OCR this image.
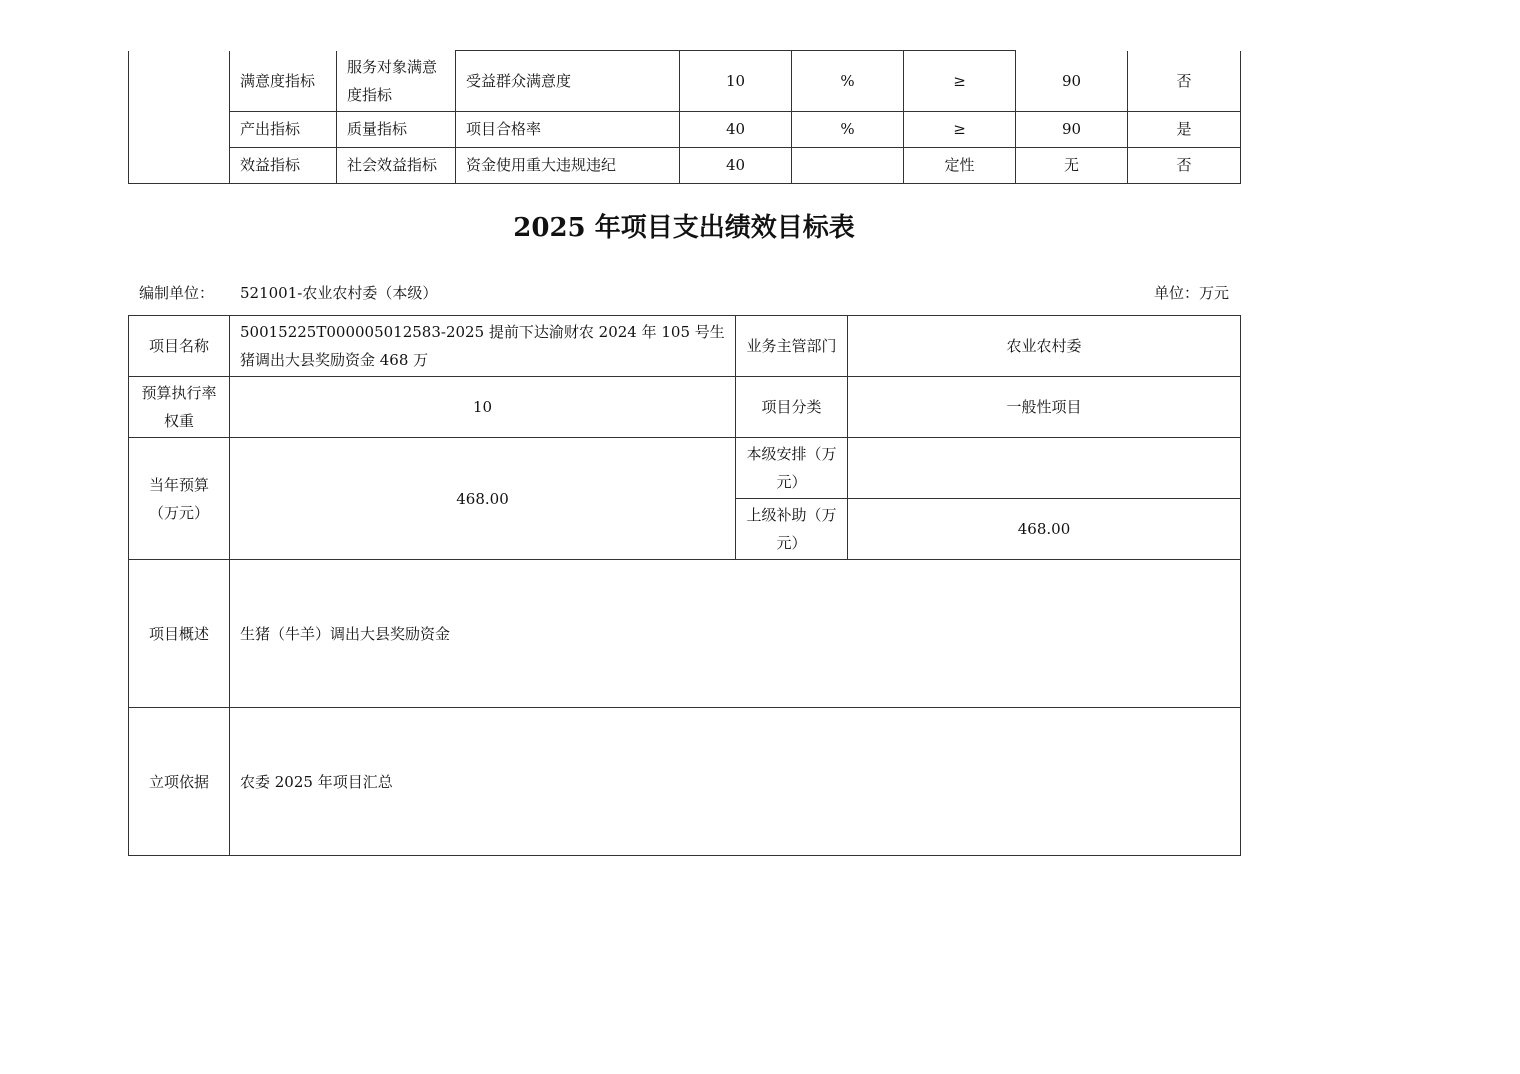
	满意度指标	服务对象满意度指标	受益群众满意度	10	%	≥	90	否
	产出指标	质量指标	项目合格率	40	%	≥	90	是
	效益指标	社会效益指标	资金使用重大违规违纪	40		定性	无	否
2025 年项目支出绩效目标表
编制单位： 521001-农业农村委（本级）	单位：万元
项目名称	50015225T000005012583-2025 提前下达渝财农 2024 年 105 号生猪调出大县奖励资金 468 万	业务主管部门	农业农村委
预算执行率权重	10	项目分类	一般性项目
当年预算（万元）	468.00	本级安排（万元）	
		上级补助（万元）	468.00
项目概述	生猪（牛羊）调出大县奖励资金		
立项依据	农委 2025 年项目汇总		
